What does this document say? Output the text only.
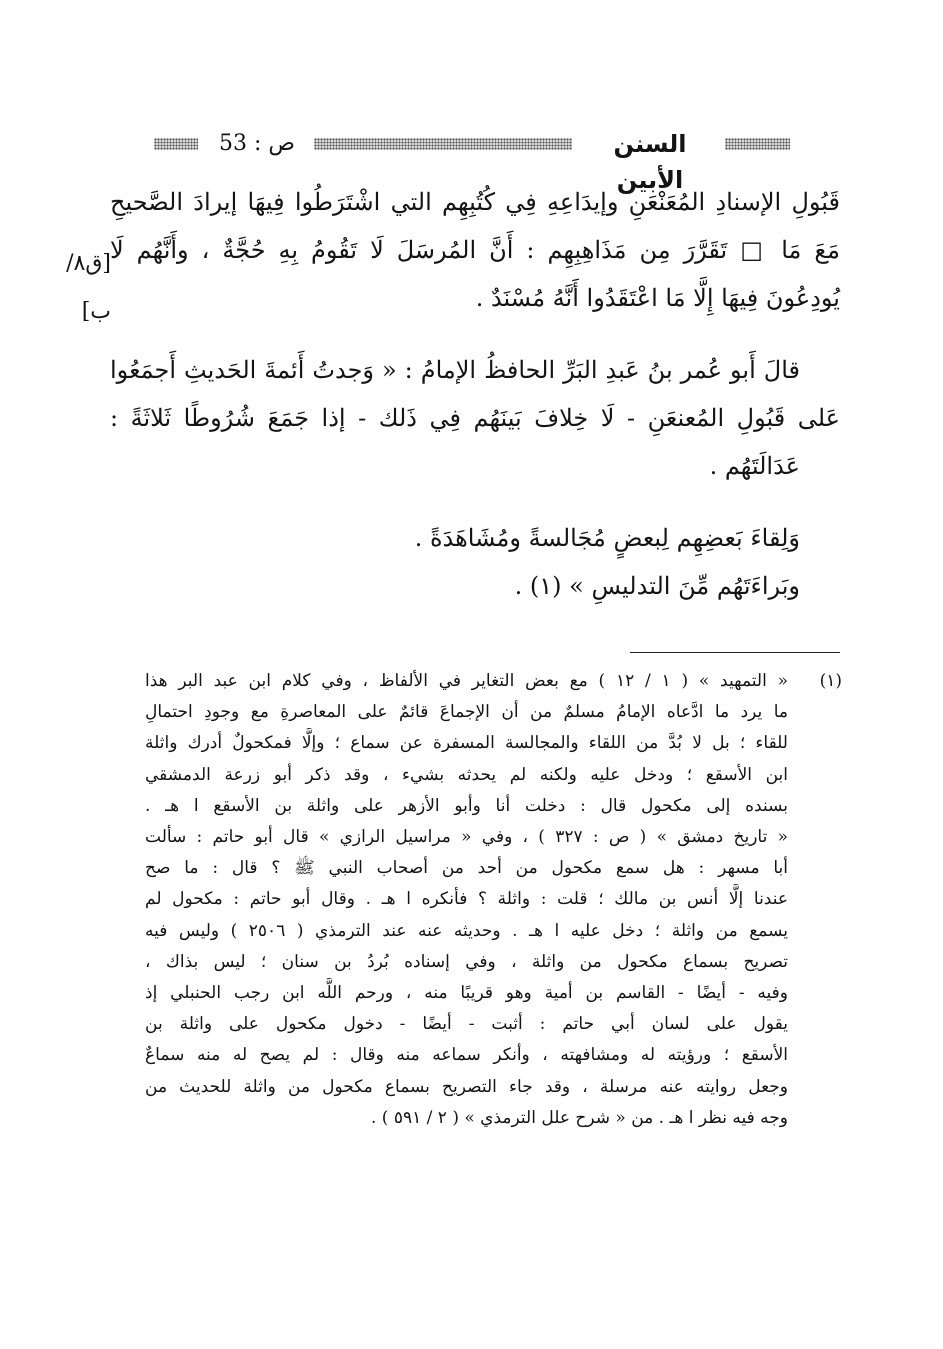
السنن الأبين
ص : 53

قَبُولِ الإسنادِ المُعَنْعَنِ وإيدَاعِهِ فِي كُتُبِهِم التي اشْتَرَطُوا فِيهَا إيرادَ الصَّحيحِ
مَعَ مَا □ تَقَرَّرَ مِن مَذَاهِبِهِم : أَنَّ المُرسَلَ لَا تَقُومُ بِهِ حُجَّةٌ ، وأَنَّهُم لَا
يُودِعُونَ فِيهَا إِلَّا مَا اعْتَقَدُوا أَنَّهُ مُسْنَدٌ .

قالَ أَبو عُمر بنُ عَبدِ البَرِّ الحافظُ الإمامُ : « وَجدتُ أَئمةَ الحَديثِ أَجمَعُوا
عَلى قَبُولِ المُعنعَنِ - لَا خِلافَ بَينَهُم فِي ذَلك - إذا جَمَعَ شُرُوطًا ثَلاثَةً :

عَدَالَتَهُم .

وَلِقاءَ بَعضِهِم لِبعضٍ مُجَالسةً ومُشَاهَدَةً .

وبَراءَتَهُم مِّنَ التدليسِ » (١) .

[ق٨/ب]
(١)
« التمهيد » ( ١ / ١٢ ) مع بعض التغاير في الألفاظ ، وفي كلام ابن عبد البر هذا
ما يرد ما ادَّعاه الإمامُ مسلمٌ من أن الإجماعَ قائمٌ على المعاصرةِ مع وجودِ احتمالِ
للقاء ؛ بل لا بُدَّ من اللقاء والمجالسة المسفرة عن سماع ؛ وإلَّا فمكحولٌ أدرك واثلة
ابن الأسقع ؛ ودخل عليه ولكنه لم يحدثه بشيء ، وقد ذكر أبو زرعة الدمشقي
بسنده إلى مكحول قال : دخلت أنا وأبو الأزهر على واثلة بن الأسقع ا هـ .
« تاريخ دمشق » ( ص : ٣٢٧ ) ، وفي « مراسيل الرازي » قال أبو حاتم : سألت
أبا مسهر : هل سمع مكحول من أحد من أصحاب النبي ﷺ ؟ قال : ما صح
عندنا إلَّا أنس بن مالك ؛ قلت : واثلة ؟ فأنكره ا هـ . وقال أبو حاتم : مكحول لم
يسمع من واثلة ؛ دخل عليه ا هـ . وحديثه عنه عند الترمذي ( ٢٥٠٦ ) وليس فيه
تصريح بسماع مكحول من واثلة ، وفي إسناده بُردُ بن سنان ؛ ليس بذاك ،
وفيه - أيضًا - القاسم بن أمية وهو قريبًا منه ، ورحم اللَّه ابن رجب الحنبلي إذ
يقول على لسان أبي حاتم : أثبت - أيضًا - دخول مكحول على واثلة بن
الأسقع ؛ ورؤيته له ومشافهته ، وأنكر سماعه منه وقال : لم يصح له منه سماعٌ
وجعل روايته عنه مرسلة ، وقد جاء التصريح بسماع مكحول من واثلة للحديث من
وجه فيه نظر ا هـ . من « شرح علل الترمذي » ( ٢ / ٥٩١ ) .
